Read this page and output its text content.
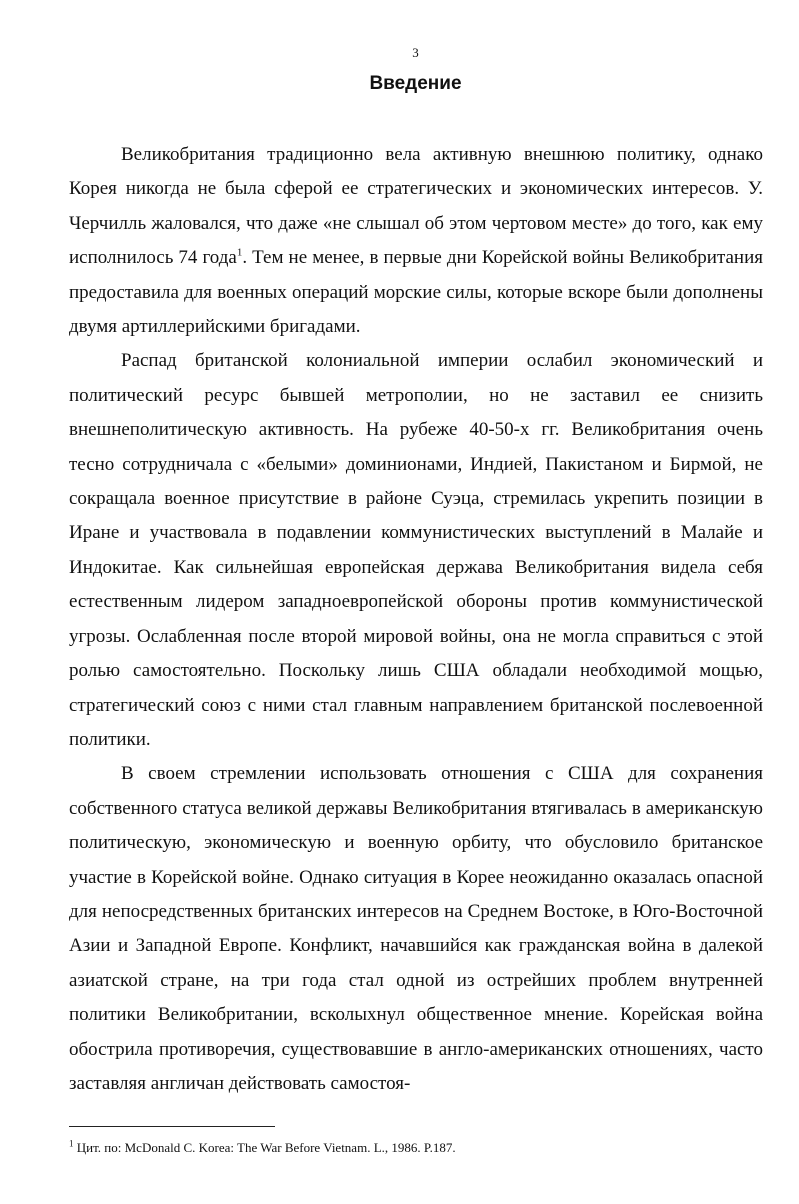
3
Введение

Великобритания традиционно вела активную внешнюю политику, однако Корея никогда не была сферой ее стратегических и экономических интересов. У. Черчилль жаловался, что даже «не слышал об этом чертовом месте» до того, как ему исполнилось 74 года$^1$. Тем не менее, в первые дни Корейской войны Великобритания предоставила для военных операций морские силы, которые вскоре были дополнены двумя артиллерийскими бригадами.

Распад британской колониальной империи ослабил экономический и политический ресурс бывшей метрополии, но не заставил ее снизить внешнеполитическую активность. На рубеже 40-50-х гг. Великобритания очень тесно сотрудничала с «белыми» доминионами, Индией, Пакистаном и Бирмой, не сокращала военное присутствие в районе Суэца, стремилась укрепить позиции в Иране и участвовала в подавлении коммунистических выступлений в Малайе и Индокитае. Как сильнейшая европейская держава Великобритания видела себя естественным лидером западноевропейской обороны против коммунистической угрозы. Ослабленная после второй мировой войны, она не могла справиться с этой ролью самостоятельно. Поскольку лишь США обладали необходимой мощью, стратегический союз с ними стал главным направлением британской послевоенной политики.

В своем стремлении использовать отношения с США для сохранения собственного статуса великой державы Великобритания втягивалась в американскую политическую, экономическую и военную орбиту, что обусловило британское участие в Корейской войне. Однако ситуация в Корее неожиданно оказалась опасной для непосредственных британских интересов на Среднем Востоке, в Юго-Восточной Азии и Западной Европе. Конфликт, начавшийся как гражданская война в далекой азиатской стране, на три года стал одной из острейших проблем внутренней политики Великобритании, всколыхнул общественное мнение. Корейская война обострила противоречия, существовавшие в англо-американских отношениях, часто заставляя англичан действовать самостоя-

$^1$ Цит. по: McDonald C. Korea: The War Before Vietnam. L., 1986. P.187.
